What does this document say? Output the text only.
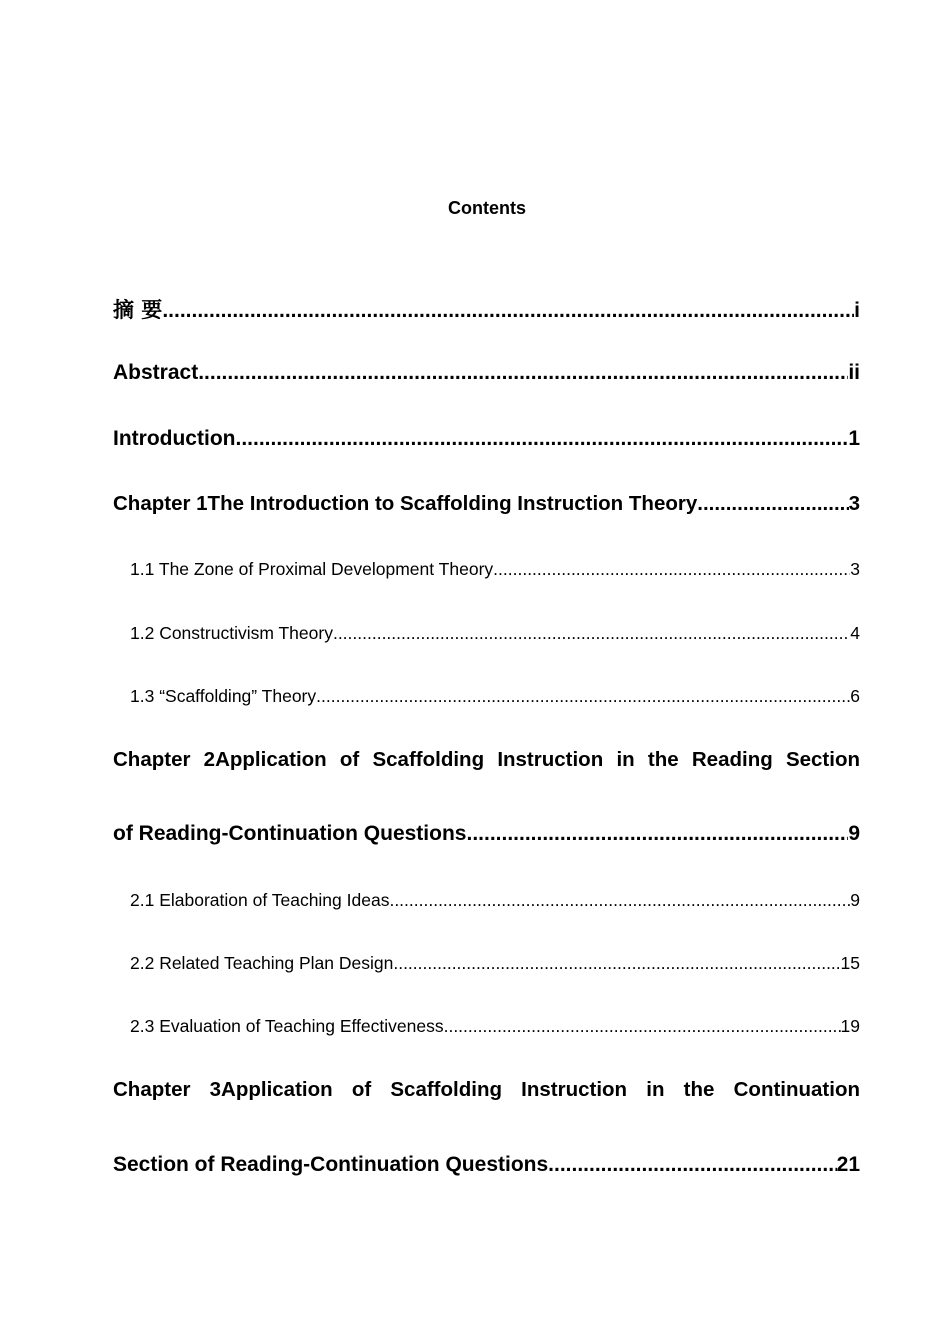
Contents
摘 要 .....	i
Abstract .....	ii
Introduction .....	1
Chapter 1The Introduction to Scaffolding Instruction Theory .....	3
1.1 The Zone of Proximal Development Theory .....	3
1.2 Constructivism Theory .....	4
1.3 “Scaffolding” Theory .....	6
Chapter 2Application of Scaffolding Instruction in the Reading Section
of Reading-Continuation Questions .....	9
2.1 Elaboration of Teaching Ideas .....	9
2.2 Related Teaching Plan Design .....	15
2.3 Evaluation of Teaching Effectiveness .....	19
Chapter 3Application of Scaffolding Instruction in the Continuation
Section of Reading-Continuation Questions .....	21
